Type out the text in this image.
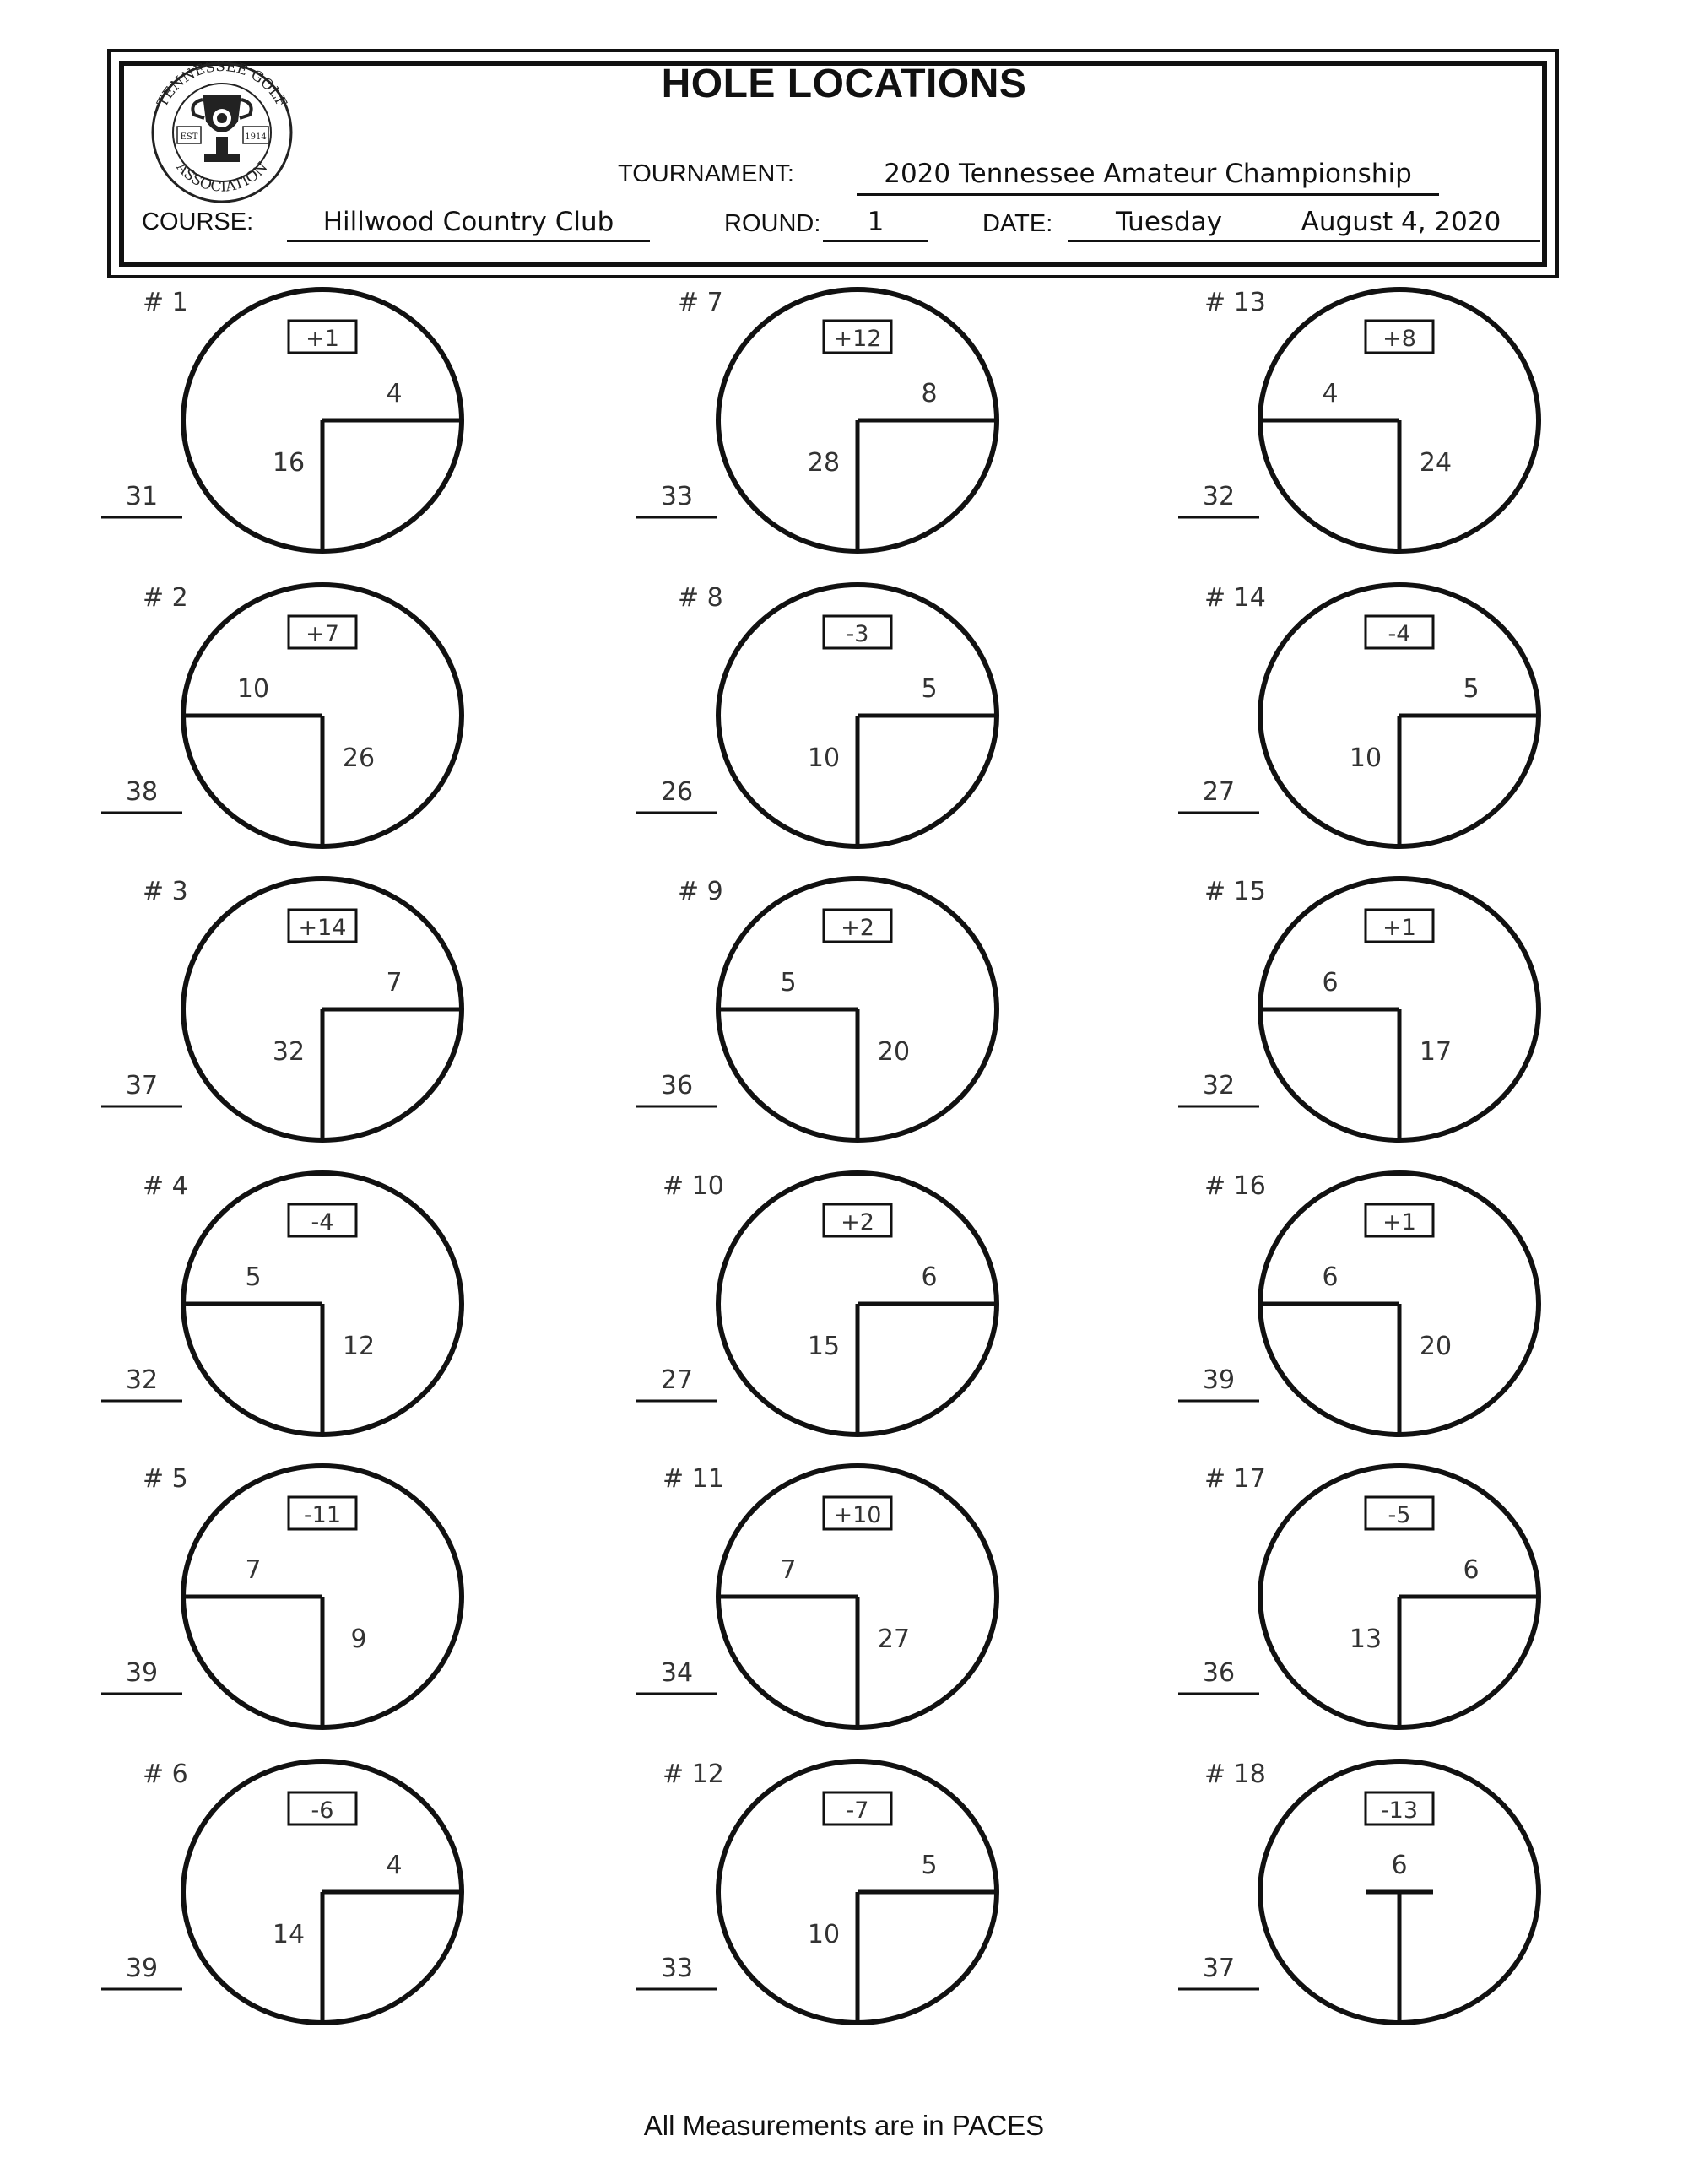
TENNESSEE GOLF
ASSOCIATION
EST	1914
HOLE LOCATIONS
TOURNAMENT:	2020 Tennessee Amateur Championship
COURSE:	Hillwood Country Club	ROUND:	1	DATE:	Tuesday	August 4, 2020
# 1
+1
4
16
31
# 2
+7
10
26
38
# 3
+14
7
32
37
# 4
-4
5
12
32
# 5
-11
7
9
39
# 6
-6
4
14
39
# 7
+12
8
28
33
# 8
-3
5
10
26
# 9
+2
5
20
36
# 10
+2
6
15
27
# 11
+10
7
27
34
# 12
-7
5
10
33
# 13
+8
4
24
32
# 14
-4
5
10
27
# 15
+1
6
17
32
# 16
+1
6
20
39
# 17
-5
6
13
36
# 18
-13
6
37
All Measurements are in PACES
